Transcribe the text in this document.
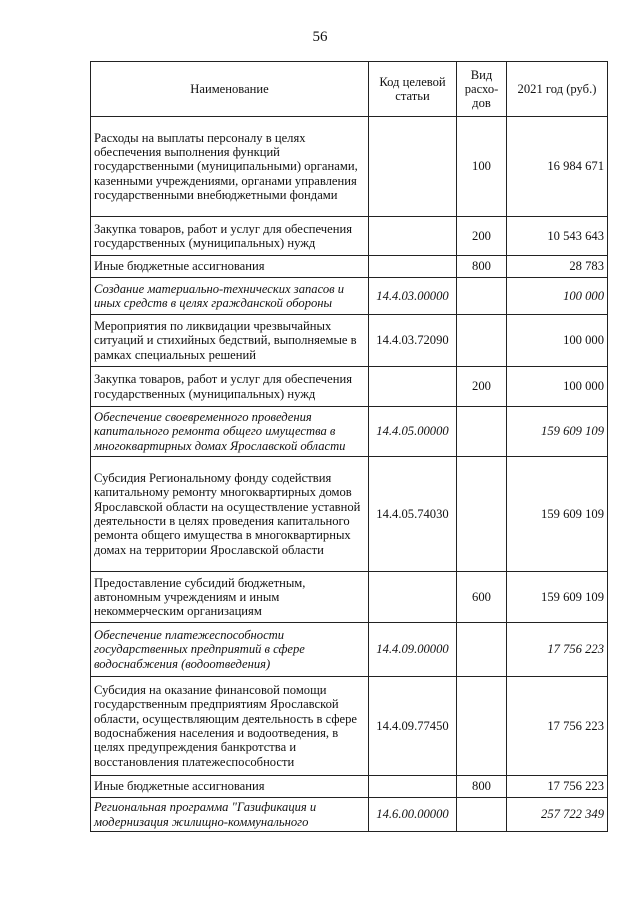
56
Наименование	Код целевой статьи	Вид расхо-дов	2021 год (руб.)
Расходы на выплаты персоналу в целях обеспечения выполнения функций государственными (муниципальными) органами, казенными учреждениями, органами управления государственными внебюджетными фондами		100	16 984 671
Закупка товаров, работ и услуг для обеспечения государственных (муниципальных) нужд		200	10 543 643
Иные бюджетные ассигнования		800	28 783
Создание материально-технических запасов и иных средств в целях гражданской обороны	14.4.03.00000		100 000
Мероприятия по ликвидации чрезвычайных ситуаций и стихийных бедствий, выполняемые в рамках специальных решений	14.4.03.72090		100 000
Закупка товаров, работ и услуг для обеспечения государственных (муниципальных) нужд		200	100 000
Обеспечение своевременного проведения капитального ремонта общего имущества в многоквартирных домах Ярославской области	14.4.05.00000		159 609 109
Субсидия Региональному фонду содействия капитальному ремонту многоквартирных домов Ярославской области на осуществление уставной деятельности в целях проведения капитального ремонта общего имущества в многоквартирных домах на территории Ярославской области	14.4.05.74030		159 609 109
Предоставление субсидий бюджетным, автономным учреждениям и иным некоммерческим организациям		600	159 609 109
Обеспечение платежеспособности государственных предприятий в сфере водоснабжения (водоотведения)	14.4.09.00000		17 756 223
Субсидия на оказание финансовой помощи государственным предприятиям Ярославской области, осуществляющим деятельность в сфере водоснабжения населения и водоотведения, в целях предупреждения банкротства и восстановления платежеспособности	14.4.09.77450		17 756 223
Иные бюджетные ассигнования		800	17 756 223
Региональная программа "Газификация и модернизация жилищно-коммунального	14.6.00.00000		257 722 349
